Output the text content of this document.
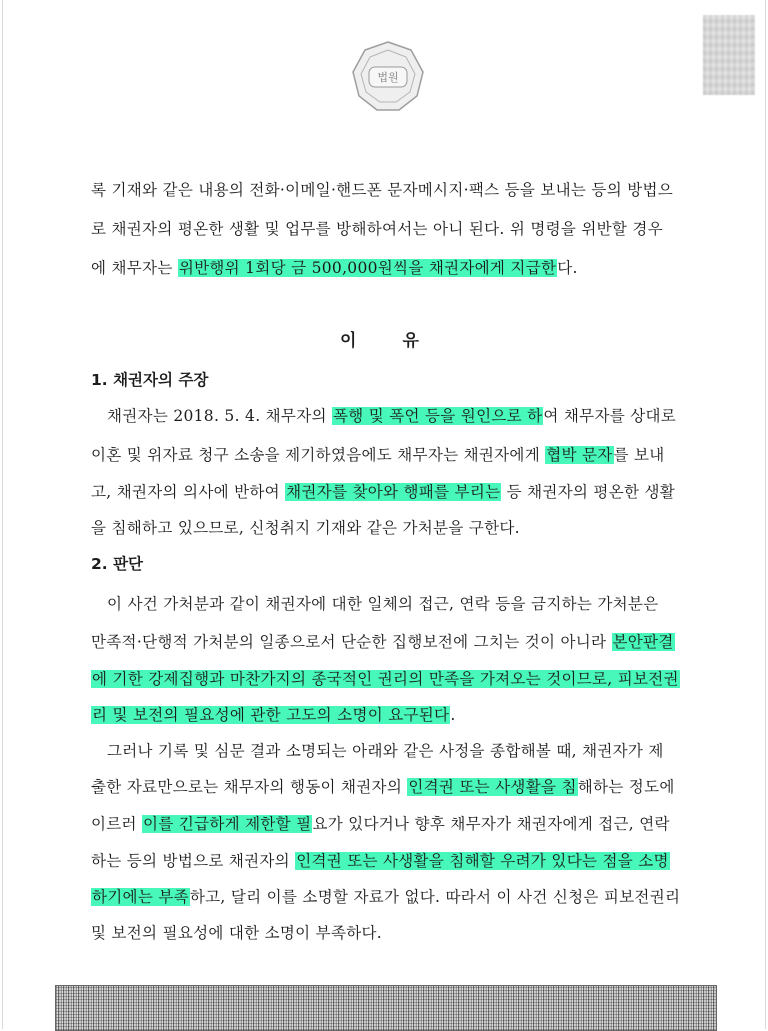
법원
록 기재와 같은 내용의 전화·이메일·핸드폰 문자메시지·팩스 등을 보내는 등의 방법으
로 채권자의 평온한 생활 및 업무를 방해하여서는 아니 된다. 위 명령을 위반할 경우
에 채무자는 위반행위 1회당 금 500,000원씩을 채권자에게 지급한다.
이	유
1. 채권자의 주장
채권자는 2018. 5. 4. 채무자의 폭행 및 폭언 등을 원인으로 하여 채무자를 상대로
이혼 및 위자료 청구 소송을 제기하였음에도 채무자는 채권자에게 협박 문자를 보내
고, 채권자의 의사에 반하여 채권자를 찾아와 행패를 부리는 등 채권자의 평온한 생활
을 침해하고 있으므로, 신청취지 기재와 같은 가처분을 구한다.
2. 판단
이 사건 가처분과 같이 채권자에 대한 일체의 접근, 연락 등을 금지하는 가처분은
만족적·단행적 가처분의 일종으로서 단순한 집행보전에 그치는 것이 아니라 본안판결
에 기한 강제집행과 마찬가지의 종국적인 권리의 만족을 가져오는 것이므로, 피보전권
리 및 보전의 필요성에 관한 고도의 소명이 요구된다.
그러나 기록 및 심문 결과 소명되는 아래와 같은 사정을 종합해볼 때, 채권자가 제
출한 자료만으로는 채무자의 행동이 채권자의 인격권 또는 사생활을 침해하는 정도에
이르러 이를 긴급하게 제한할 필요가 있다거나 향후 채무자가 채권자에게 접근, 연락
하는 등의 방법으로 채권자의 인격권 또는 사생활을 침해할 우려가 있다는 점을 소명
하기에는 부족하고, 달리 이를 소명할 자료가 없다. 따라서 이 사건 신청은 피보전권리
및 보전의 필요성에 대한 소명이 부족하다.
